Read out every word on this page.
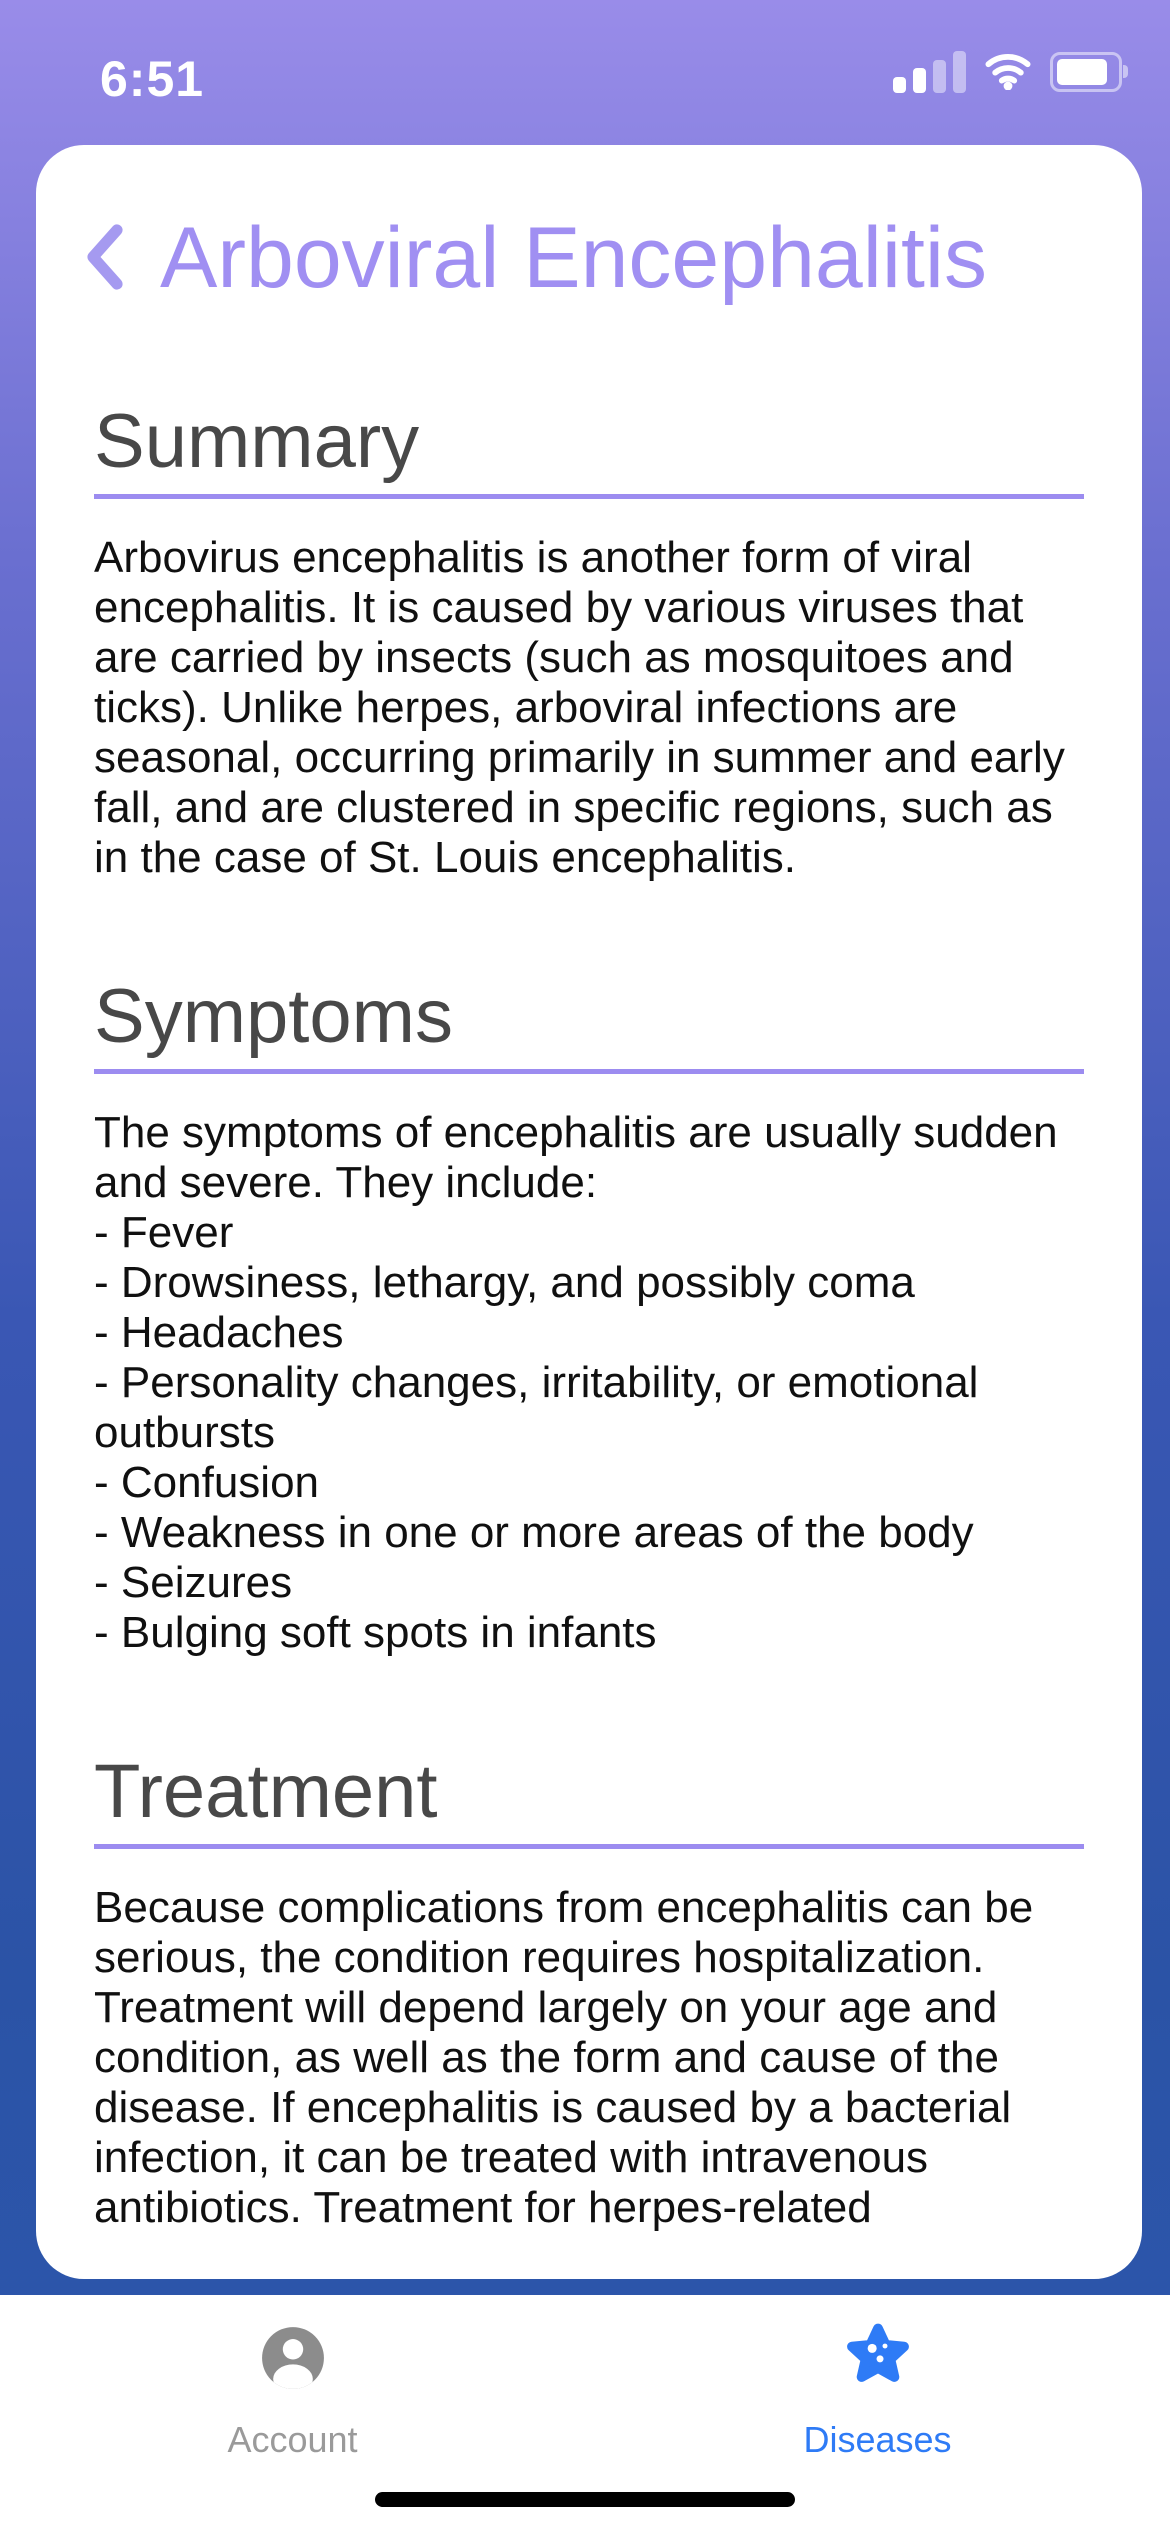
6:51
Arboviral Encephalitis
Summary
Arbovirus encephalitis is another form of viral
encephalitis. It is caused by various viruses that
are carried by insects (such as mosquitoes and
ticks). Unlike herpes, arboviral infections are
seasonal, occurring primarily in summer and early
fall, and are clustered in specific regions, such as
in the case of St. Louis encephalitis.
Symptoms
The symptoms of encephalitis are usually sudden
and severe. They include:
- Fever
- Drowsiness, lethargy, and possibly coma
- Headaches
- Personality changes, irritability, or emotional
outbursts
- Confusion
- Weakness in one or more areas of the body
- Seizures
- Bulging soft spots in infants
Treatment
Because complications from encephalitis can be
serious, the condition requires hospitalization.
Treatment will depend largely on your age and
condition, as well as the form and cause of the
disease. If encephalitis is caused by a bacterial
infection, it can be treated with intravenous
antibiotics. Treatment for herpes-related
Account	Diseases
